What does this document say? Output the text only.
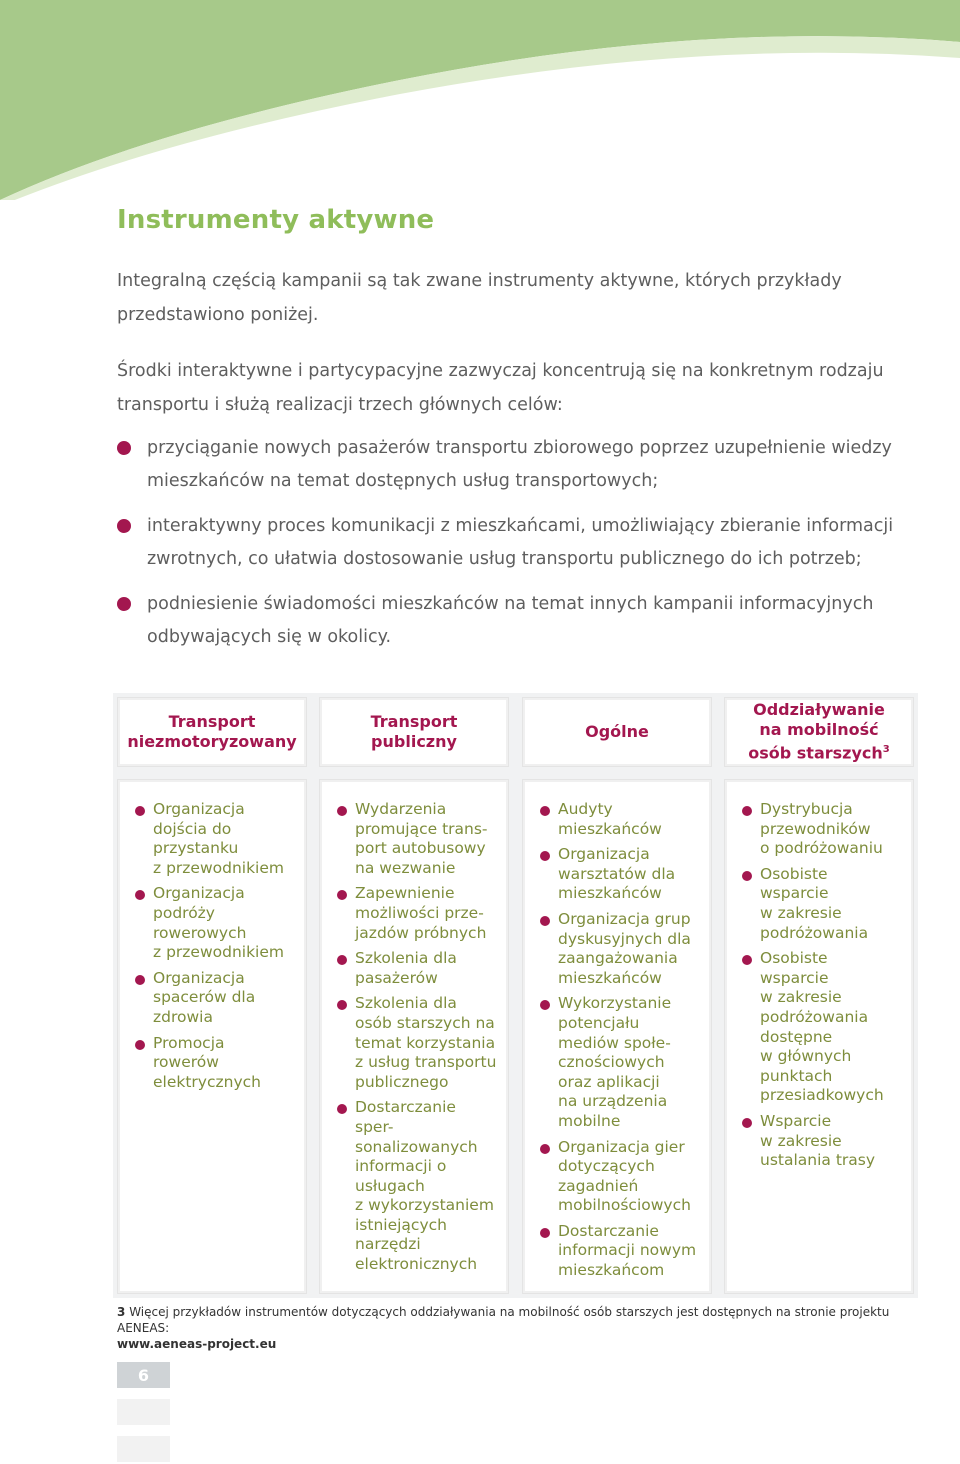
Instrumenty aktywne

Integralną częścią kampanii są tak zwane instrumenty aktywne, których przykłady przedstawiono poniżej.

Środki interaktywne i partycypacyjne zazwyczaj koncentrują się na konkretnym rodzaju transportu i służą realizacji trzech głównych celów:

przyciąganie nowych pasażerów transportu zbiorowego poprzez uzupełnienie wiedzy mieszkańców na temat dostępnych usług transportowych;
interaktywny proces komunikacji z mieszkańcami, umożliwiający zbieranie informacji zwrotnych, co ułatwia dostosowanie usług transportu publicznego do ich potrzeb;
podniesienie świadomości mieszkańców na temat innych kampanii informacyjnych odbywających się w okolicy.
Transport
niezmotoryzowany
Transport
publiczny
Ogólne
Oddziaływanie
na mobilność
osób starszych$^3$
Organizacja
dojścia do
przystanku
z przewodnikiem
Organizacja
podróży
rowerowych
z przewodnikiem
Organizacja
spacerów dla
zdrowia
Promocja
rowerów
elektrycznych
Wydarzenia
promujące trans-
port autobusowy
na wezwanie
Zapewnienie
możliwości prze-
jazdów próbnych
Szkolenia dla
pasażerów
Szkolenia dla
osób starszych na
temat korzystania
z usług transportu
publicznego
Dostarczanie sper-
sonalizowanych
informacji o
usługach
z wykorzystaniem
istniejących
narzędzi
elektronicznych
Audyty
mieszkańców
Organizacja
warsztatów dla
mieszkańców
Organizacja grup
dyskusyjnych dla
zaangażowania
mieszkańców
Wykorzystanie
potencjału
mediów społe-
cznościowych
oraz aplikacji
na urządzenia
mobilne
Organizacja gier
dotyczących
zagadnień
mobilnościowych
Dostarczanie
informacji nowym
mieszkańcom
Dystrybucja
przewodników
o podróżowaniu
Osobiste
wsparcie
w zakresie
podróżowania
Osobiste
wsparcie
w zakresie
podróżowania
dostępne
w głównych
punktach
przesiadkowych
Wsparcie
w zakresie
ustalania trasy
3 Więcej przykładów instrumentów dotyczących oddziaływania na mobilność osób starszych jest dostępnych na stronie projektu AENEAS:
www.aeneas-project.eu
6
